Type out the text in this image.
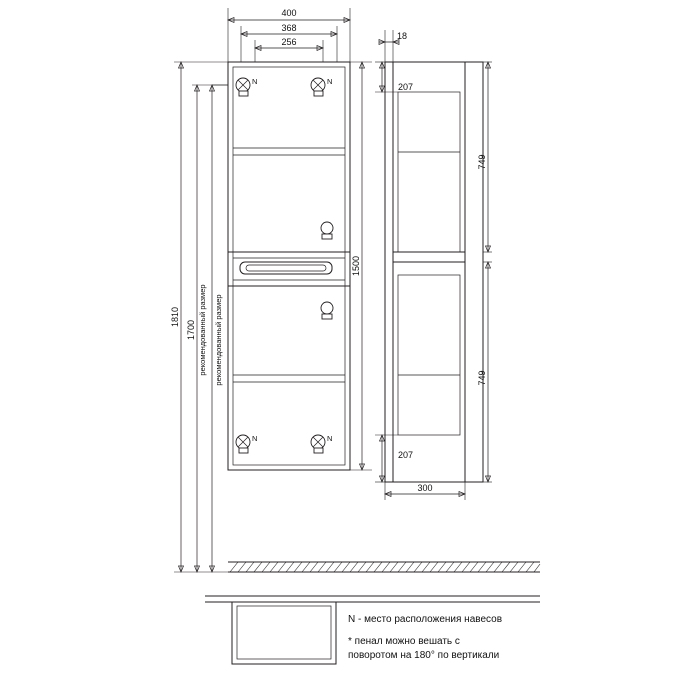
N	N
N	N
400
368
256
1810
1700 рекомендованный размер рекомендованный размер
1500
18
207
749
749
207
300
N - место расположения навесов
* пенал можно вешать с
поворотом на 180° по вертикали
